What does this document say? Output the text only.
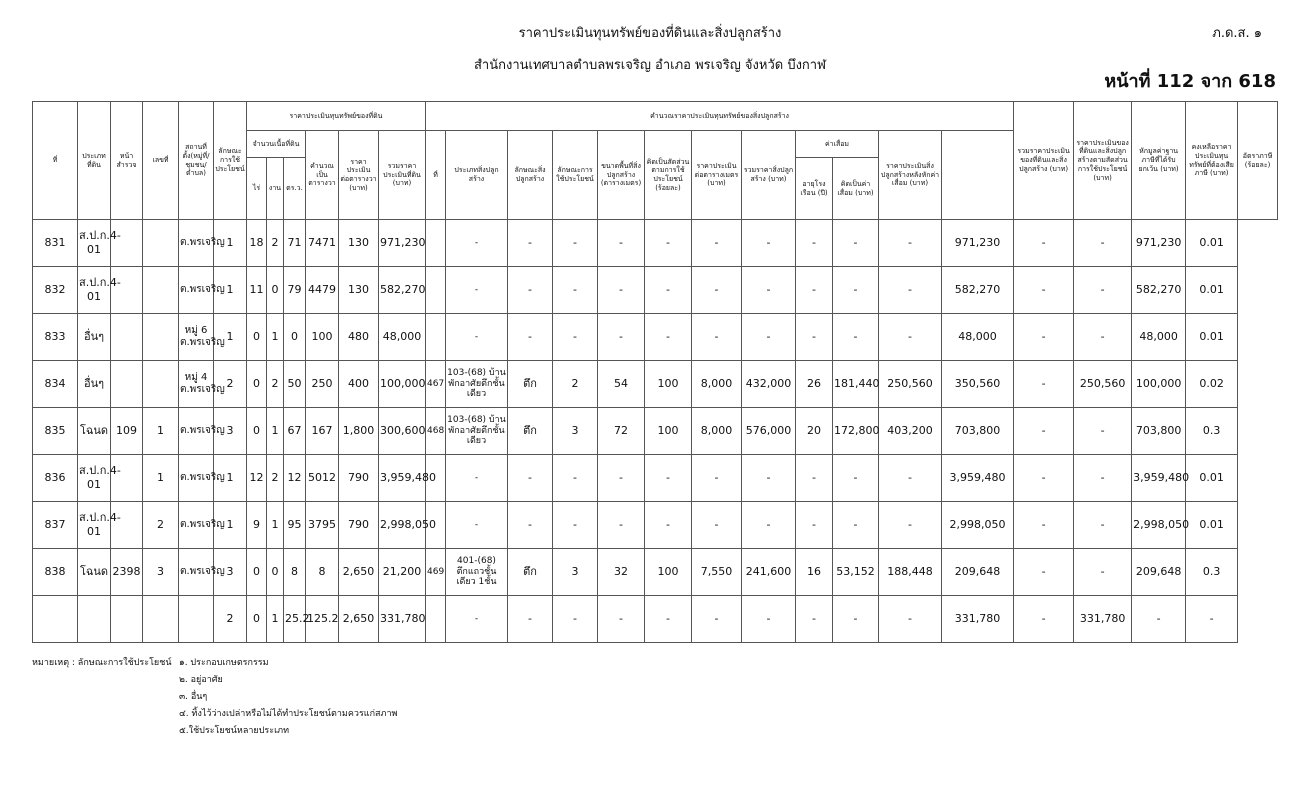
ราคาประเมินทุนทรัพย์ของที่ดินและสิ่งปลูกสร้าง	ภ.ด.ส. ๑
สำนักงานเทศบาลตำบลพรเจริญ อำเภอ พรเจริญ จังหวัด บึงกาฬ
หน้าที่ 112 จาก 618
ที่	ประเภทที่ดิน	หน้าสำรวจ	เลขที่	สถานที่ตั้ง(หมู่ที่/ชุมชน/ตำบล)	ลักษณะการใช้ประโยชน์	ราคาประเมินทุนทรัพย์ของที่ดิน						คำนวณราคาประเมินทุนทรัพย์ของสิ่งปลูกสร้าง												รวมราคาประเมินของที่ดินและสิ่งปลูกสร้าง (บาท)	ราคาประเมินของที่ดินและสิ่งปลูกสร้างตามสัดส่วนการใช้ประโยชน์ (บาท)	หักมูลค่าฐานภาษีที่ได้รับยกเว้น (บาท)	คงเหลือราคาประเมินทุนทรัพย์ที่ต้องเสียภาษี (บาท)	อัตราภาษี (ร้อยละ)
						จำนวนเนื้อที่ดิน			คำนวณเป็นตารางวา	ราคาประเมินต่อตารางวา (บาท)	รวมราคาประเมินที่ดิน (บาท)	ที่	ประเภทสิ่งปลูกสร้าง	ลักษณะสิ่งปลูกสร้าง	ลักษณะการใช้ประโยชน์	ขนาดพื้นที่สิ่งปลูกสร้าง (ตารางเมตร)	คิดเป็นสัดส่วนตามการใช้ประโยชน์ (ร้อยละ)	ราคาประเมินต่อตารางเมตร (บาท)	รวมราคาสิ่งปลูกสร้าง (บาท)	ค่าเสื่อม		ราคาประเมินสิ่งปลูกสร้างหลังหักค่าเสื่อม (บาท)						
						ไร่	งาน	ตร.ว.												อายุโรงเรือน (ปี)	คิดเป็นค่าเสื่อม (บาท)							
831	ส.ป.ก.4-01			ต.พรเจริญ	1	18	2	71	7471	130	971,230		-	-	-	-	-	-	-	-	-	-	971,230	-	-	971,230	0.01	
832	ส.ป.ก.4-01			ต.พรเจริญ	1	11	0	79	4479	130	582,270		-	-	-	-	-	-	-	-	-	-	582,270	-	-	582,270	0.01	
833	อื่นๆ			หมู่ 6 ต.พรเจริญ	1	0	1	0	100	480	48,000		-	-	-	-	-	-	-	-	-	-	48,000	-	-	48,000	0.01	
834	อื่นๆ			หมู่ 4 ต.พรเจริญ	2	0	2	50	250	400	100,000	467	103-(68) บ้านพักอาศัยตึกชั้นเดียว	ตึก	2	54	100	8,000	432,000	26	181,440	250,560	350,560	-	250,560	100,000	0.02	
835	โฉนด	109	1	ต.พรเจริญ	3	0	1	67	167	1,800	300,600	468	103-(68) บ้านพักอาศัยตึกชั้นเดียว	ตึก	3	72	100	8,000	576,000	20	172,800	403,200	703,800	-	-	703,800	0.3	
836	ส.ป.ก.4-01		1	ต.พรเจริญ	1	12	2	12	5012	790	3,959,480		-	-	-	-	-	-	-	-	-	-	3,959,480	-	-	3,959,480	0.01	
837	ส.ป.ก.4-01		2	ต.พรเจริญ	1	9	1	95	3795	790	2,998,050		-	-	-	-	-	-	-	-	-	-	2,998,050	-	-	2,998,050	0.01	
838	โฉนด	2398	3	ต.พรเจริญ	3	0	0	8	8	2,650	21,200	469	401-(68) ตึกแถวชั้นเดียว 1ชั้น	ตึก	3	32	100	7,550	241,600	16	53,152	188,448	209,648	-	-	209,648	0.3	
					2	0	1	25.2	125.2	2,650	331,780		-	-	-	-	-	-	-	-	-	-	331,780	-	331,780	-	-	
หมายเหตุ : ลักษณะการใช้ประโยชน์ ๑. ประกอบเกษตรกรรม
๒. อยู่อาศัย
๓. อื่นๆ
๔. ทิ้งไว้ว่างเปล่าหรือไม่ได้ทำประโยชน์ตามควรแก่สภาพ
๕.ใช้ประโยชน์หลายประเภท
